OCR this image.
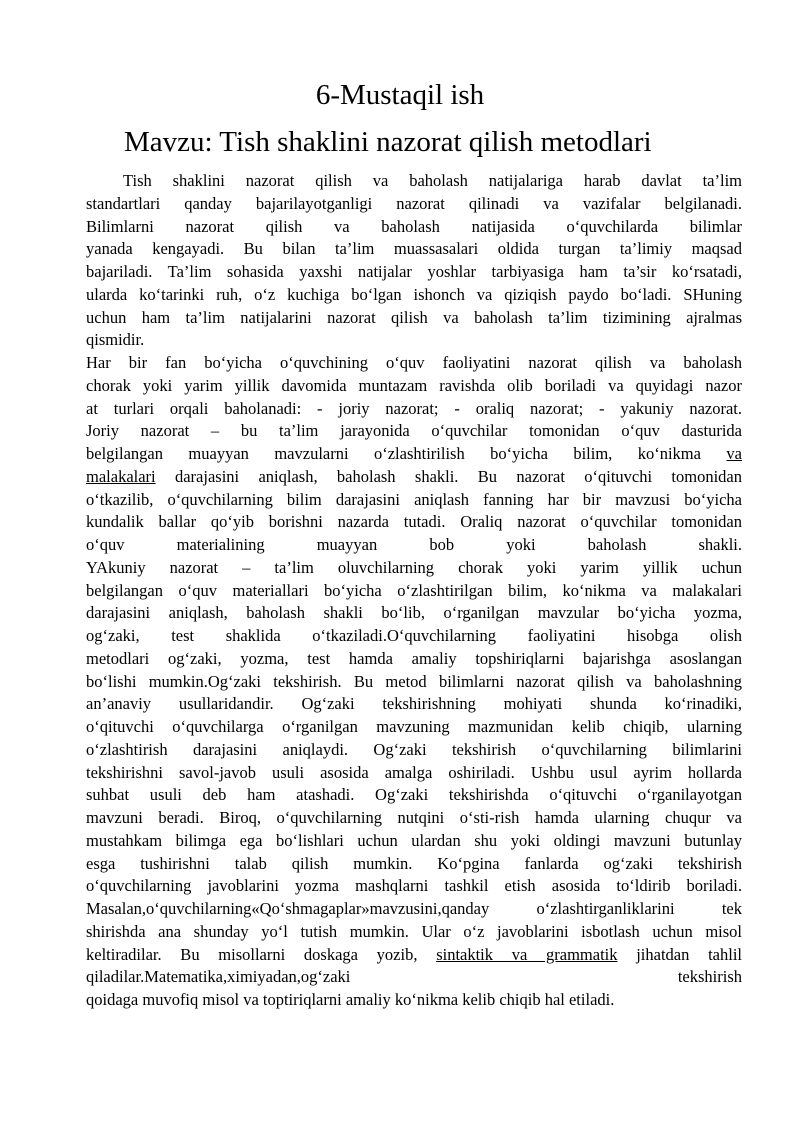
6-Mustaqil ish
Mavzu: Tish shaklini nazorat qilish metodlari
Tish shaklini nazorat qilish va baholash natijalariga harab davlat ta’lim
standartlari qanday bajarilayotganligi nazorat qilinadi va vazifalar belgilanadi.
Bilimlarni nazorat qilish va baholash natijasida o‘quvchilarda bilimlar
yanada kengayadi. Bu bilan ta’lim muassasalari oldida turgan ta’limiy maqsad
bajariladi. Ta’lim sohasida yaxshi natijalar yoshlar tarbiyasiga ham ta’sir ko‘rsatadi,
ularda ko‘tarinki ruh, o‘z kuchiga bo‘lgan ishonch va qiziqish paydo bo‘ladi. SHuning
uchun ham ta’lim natijalarini nazorat qilish va baholash ta’lim tizimining ajralmas
qismidir.
Har bir fan bo‘yicha o‘quvchining o‘quv faoliyatini nazorat qilish va baholash
chorak yoki yarim yillik davomida muntazam ravishda olib boriladi va quyidagi nazor
at turlari orqali baholanadi: - joriy nazorat; - oraliq nazorat; - yakuniy nazorat.
Joriy nazorat – bu ta’lim jarayonida o‘quvchilar tomonidan o‘quv dasturida
belgilangan muayyan mavzularni o‘zlashtirilish bo‘yicha bilim, ko‘nikma va
malakalari darajasini aniqlash, baholash shakli. Bu nazorat o‘qituvchi tomonidan
o‘tkazilib, o‘quvchilarning bilim darajasini aniqlash fanning har bir mavzusi bo‘yicha
kundalik ballar qo‘yib borishni nazarda tutadi. Oraliq nazorat o‘quvchilar tomonidan
o‘quv materialining muayyan bob yoki baholash shakli.
YAkuniy nazorat – ta’lim oluvchilarning chorak yoki yarim yillik uchun
belgilangan o‘quv materiallari bo‘yicha o‘zlashtirilgan bilim, ko‘nikma va malakalari
darajasini aniqlash, baholash shakli bo‘lib, o‘rganilgan mavzular bo‘yicha yozma,
og‘zaki, test shaklida o‘tkaziladi.O‘quvchilarning faoliyatini hisobga olish
metodlari og‘zaki, yozma, test hamda amaliy topshiriqlarni bajarishga asoslangan
bo‘lishi mumkin.Og‘zaki tekshirish. Bu metod bilimlarni nazorat qilish va baholashning
an’anaviy usullaridandir. Og‘zaki tekshirishning mohiyati shunda ko‘rinadiki,
o‘qituvchi o‘quvchilarga o‘rganilgan mavzuning mazmunidan kelib chiqib, ularning
o‘zlashtirish darajasini aniqlaydi. Og‘zaki tekshirish o‘quvchilarning bilimlarini
tekshirishni savol-javob usuli asosida amalga oshiriladi. Ushbu usul ayrim hollarda
suhbat usuli deb ham atashadi. Og‘zaki tekshirishda o‘qituvchi o‘rganilayotgan
mavzuni beradi. Biroq, o‘quvchilarning nutqini o‘sti-rish hamda ularning chuqur va
mustahkam bilimga ega bo‘lishlari uchun ulardan shu yoki oldingi mavzuni butunlay
esga tushirishni talab qilish mumkin. Ko‘pgina fanlarda og‘zaki tekshirish
o‘quvchilarning javoblarini yozma mashqlarni tashkil etish asosida to‘ldirib boriladi.
Masalan,o‘quvchilarning«Qo‘shmagaplar»mavzusini,qanday o‘zlashtirganliklarini tek
shirishda ana shunday yo‘l tutish mumkin. Ular o‘z javoblarini isbotlash uchun misol
keltiradilar. Bu misollarni doskaga yozib, sintaktik va grammatik jihatdan tahlil
qiladilar.Matematika,ximiyadan,og‘zaki tekshirish
qoidaga muvofiq misol va toptiriqlarni amaliy ko‘nikma kelib chiqib hal etiladi.
